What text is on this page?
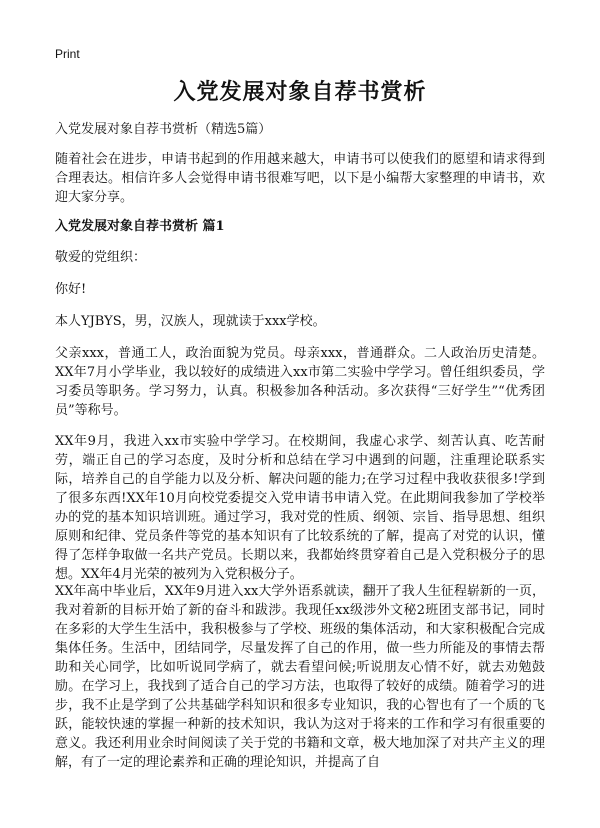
Print
入党发展对象自荐书赏析
入党发展对象自荐书赏析（精选5篇）

随着社会在进步，申请书起到的作用越来越大，申请书可以使我们的愿望和请求得到合理表达。相信许多人会觉得申请书很难写吧，以下是小编帮大家整理的申请书，欢迎大家分享。

入党发展对象自荐书赏析 篇1

敬爱的党组织：

你好!

本人YJBYS，男，汉族人，现就读于xxx学校。

父亲xxx，普通工人，政治面貌为党员。母亲xxx，普通群众。二人政治历史清楚。XX年7月小学毕业，我以较好的成绩进入xx市第二实验中学学习。曾任组织委员，学习委员等职务。学习努力，认真。积极参加各种活动。多次获得“三好学生”“优秀团员”等称号。

XX年9月，我进入xx市实验中学学习。在校期间，我虚心求学、刻苦认真、吃苦耐劳，端正自己的学习态度，及时分析和总结在学习中遇到的问题，注重理论联系实际，培养自己的自学能力以及分析、解决问题的能力;在学习过程中我收获很多!学到了很多东西!XX年10月向校党委提交入党申请书申请入党。在此期间我参加了学校举办的党的基本知识培训班。通过学习，我对党的性质、纲领、宗旨、指导思想、组织原则和纪律、党员条件等党的基本知识有了比较系统的了解，提高了对党的认识，懂得了怎样争取做一名共产党员。长期以来，我都始终贯穿着自己是入党积极分子的思想。XX年4月光荣的被列为入党积极分子。

XX年高中毕业后，XX年9月进入xx大学外语系就读，翻开了我人生征程崭新的一页，我对着新的目标开始了新的奋斗和跋涉。我现任xx级涉外文秘2班团支部书记，同时在多彩的大学生生活中，我积极参与了学校、班级的集体活动，和大家积极配合完成集体任务。生活中，团结同学，尽量发挥了自己的作用，做一些力所能及的事情去帮助和关心同学，比如听说同学病了，就去看望问候;听说朋友心情不好，就去劝勉鼓励。在学习上，我找到了适合自己的学习方法，也取得了较好的成绩。随着学习的进步，我不止是学到了公共基础学科知识和很多专业知识，我的心智也有了一个质的飞跃，能较快速的掌握一种新的技术知识，我认为这对于将来的工作和学习有很重要的意义。我还利用业余时间阅读了关于党的书籍和文章，极大地加深了对共产主义的理解，有了一定的理论素养和正确的理论知识，并提高了自
